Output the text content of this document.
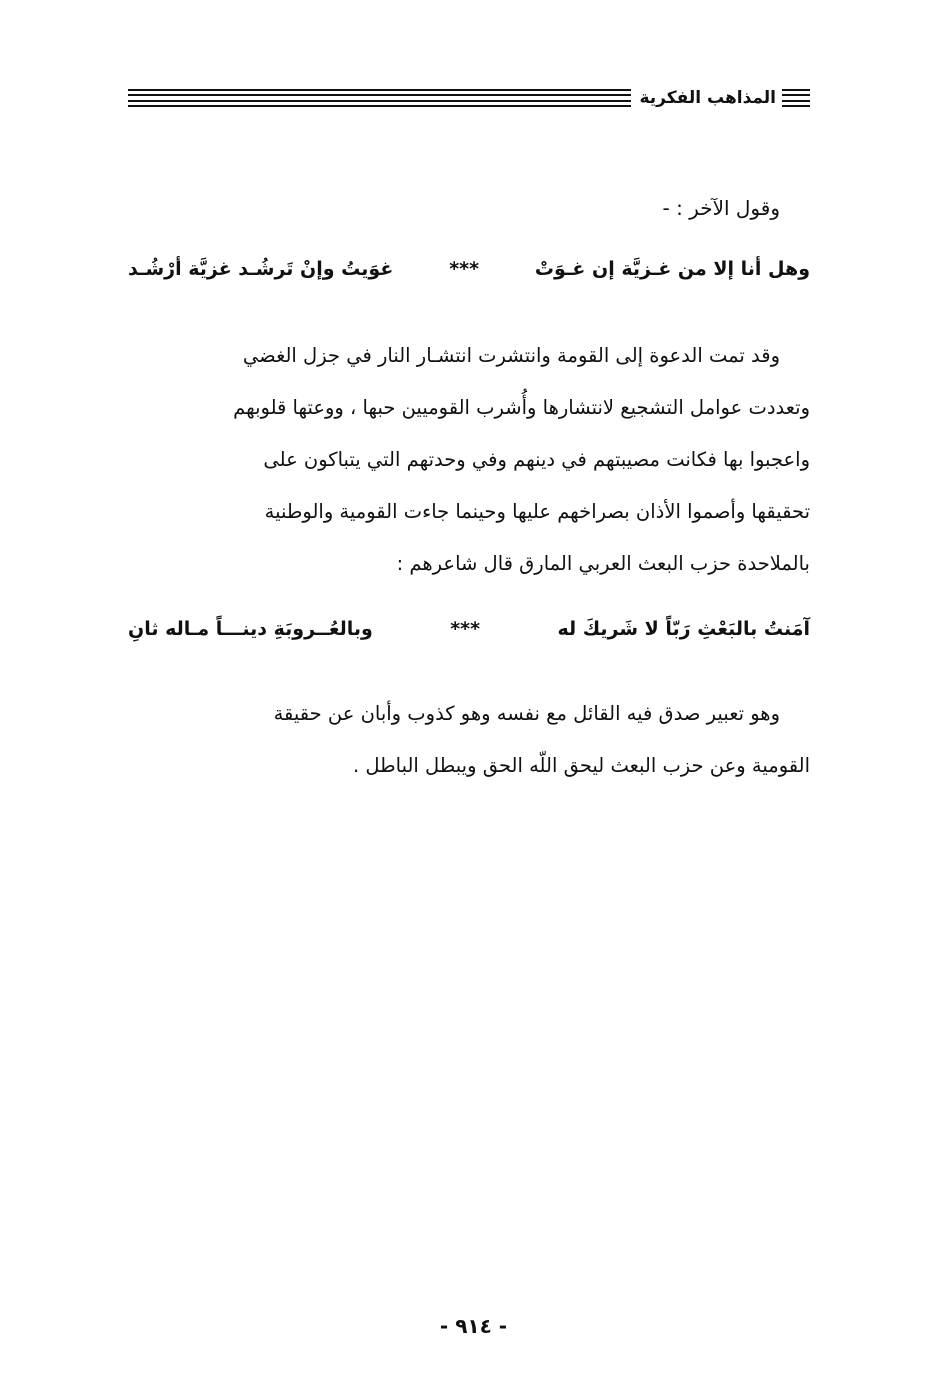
المذاهب الفكرية
وقول الآخر : -
وهل أنا إلا من غـزيَّة إن غـوَتْ
***
غوَيتُ وإنْ تَرشُـد غزيَّة أرْشُـد
وقد تمت الدعوة إلى القومة وانتشرت انتشـار النار في جزل الغضي
وتعددت عوامل التشجيع لانتشارها وأُشرب القوميين حبها ، ووعتها قلوبهم
واعجبوا بها فكانت مصيبتهم في دينهم وفي وحدتهم التي يتباكون على
تحقيقها وأصموا الأذان بصراخهم عليها وحينما جاءت القومية والوطنية
بالملاحدة حزب البعث العربي المارق قال شاعرهم :
آمَنتُ بالبَعْثِ رَبّاً لا شَريكَ له
***
وبالعُــروبَةِ دينـــاً مـاله ثانِ
وهو تعبير صدق فيه القائل مع نفسه وهو كذوب وأبان عن حقيقة
القومية وعن حزب البعث ليحق اللّه الحق ويبطل الباطل .
- ٩١٤ -
